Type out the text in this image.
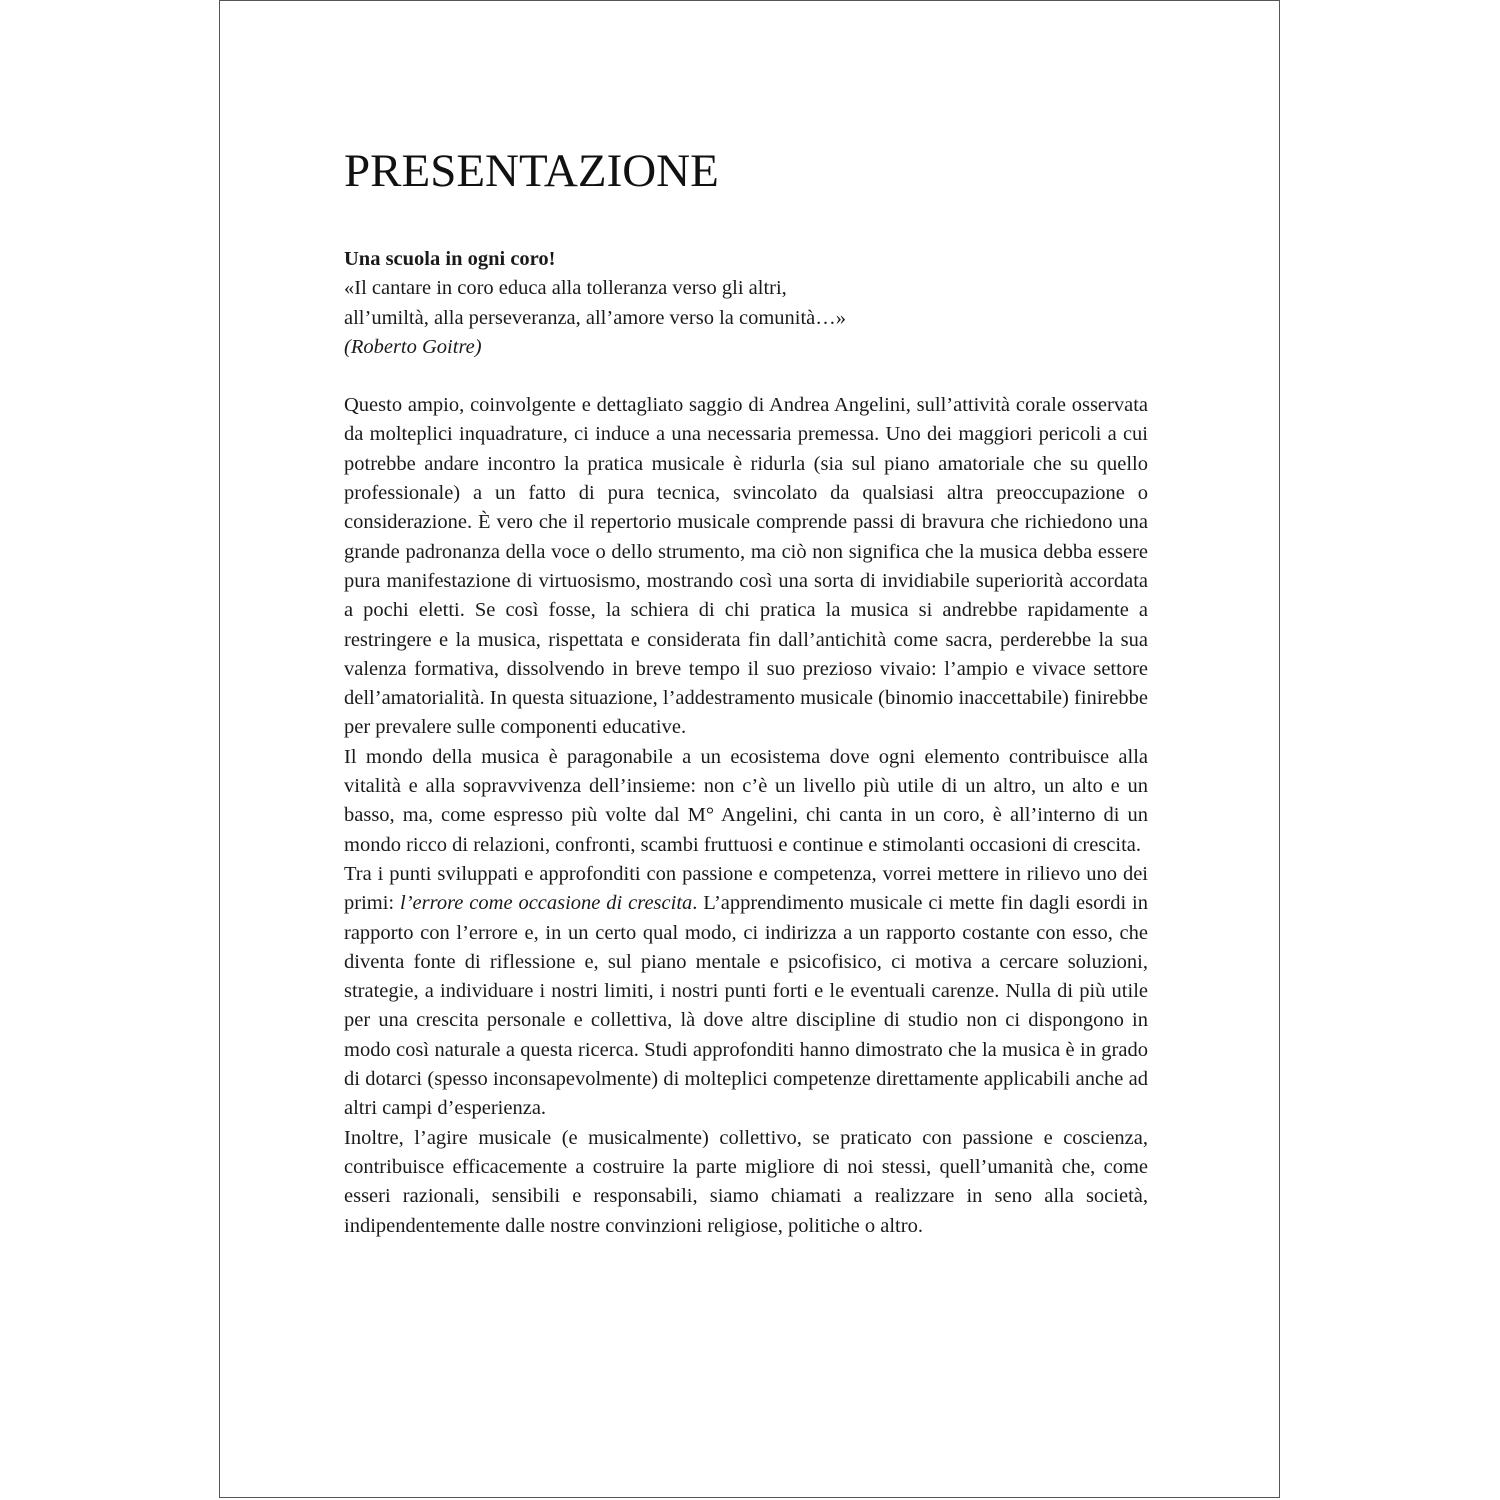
PRESENTAZIONE
Una scuola in ogni coro!
«Il cantare in coro educa alla tolleranza verso gli altri,
all’umiltà, alla perseveranza, all’amore verso la comunità…»
(Roberto Goitre)

Questo ampio, coinvolgente e dettagliato saggio di Andrea Angelini, sull’attività corale osservata da molteplici inquadrature, ci induce a una necessaria premessa. Uno dei maggiori pericoli a cui potrebbe andare incontro la pratica musicale è ridurla (sia sul piano amatoriale che su quello professionale) a un fatto di pura tecnica, svincolato da qualsiasi altra preoccupazione o considerazione. È vero che il repertorio musicale comprende passi di bravura che richiedono una grande padronanza della voce o dello strumento, ma ciò non significa che la musica debba essere pura manifestazione di virtuosismo, mostrando così una sorta di invidiabile superiorità accordata a pochi eletti. Se così fosse, la schiera di chi pratica la musica si andrebbe rapidamente a restringere e la musica, rispettata e considerata fin dall’antichità come sacra, perderebbe la sua valenza formativa, dissolvendo in breve tempo il suo prezioso vivaio: l’ampio e vivace settore dell’amatorialità. In questa situazione, l’addestramento musicale (binomio inaccettabile) finirebbe per prevalere sulle componenti educative.

Il mondo della musica è paragonabile a un ecosistema dove ogni elemento contribuisce alla vitalità e alla sopravvivenza dell’insieme: non c’è un livello più utile di un altro, un alto e un basso, ma, come espresso più volte dal M° Angelini, chi canta in un coro, è all’interno di un mondo ricco di relazioni, confronti, scambi fruttuosi e continue e stimolanti occasioni di crescita.

Tra i punti sviluppati e approfonditi con passione e competenza, vorrei mettere in rilievo uno dei primi: l’errore come occasione di crescita. L’apprendimento musicale ci mette fin dagli esordi in rapporto con l’errore e, in un certo qual modo, ci indirizza a un rapporto costante con esso, che diventa fonte di riflessione e, sul piano mentale e psicofisico, ci motiva a cercare soluzioni, strategie, a individuare i nostri limiti, i nostri punti forti e le eventuali carenze. Nulla di più utile per una crescita personale e collettiva, là dove altre discipline di studio non ci dispongono in modo così naturale a questa ricerca. Studi approfonditi hanno dimostrato che la musica è in grado di dotarci (spesso inconsapevolmente) di molteplici competenze direttamente applicabili anche ad altri campi d’esperienza.

Inoltre, l’agire musicale (e musicalmente) collettivo, se praticato con passione e coscienza, contribuisce efficacemente a costruire la parte migliore di noi stessi, quell’umanità che, come esseri razionali, sensibili e responsabili, siamo chiamati a realizzare in seno alla società, indipendentemente dalle nostre convinzioni religiose, politiche o altro.
